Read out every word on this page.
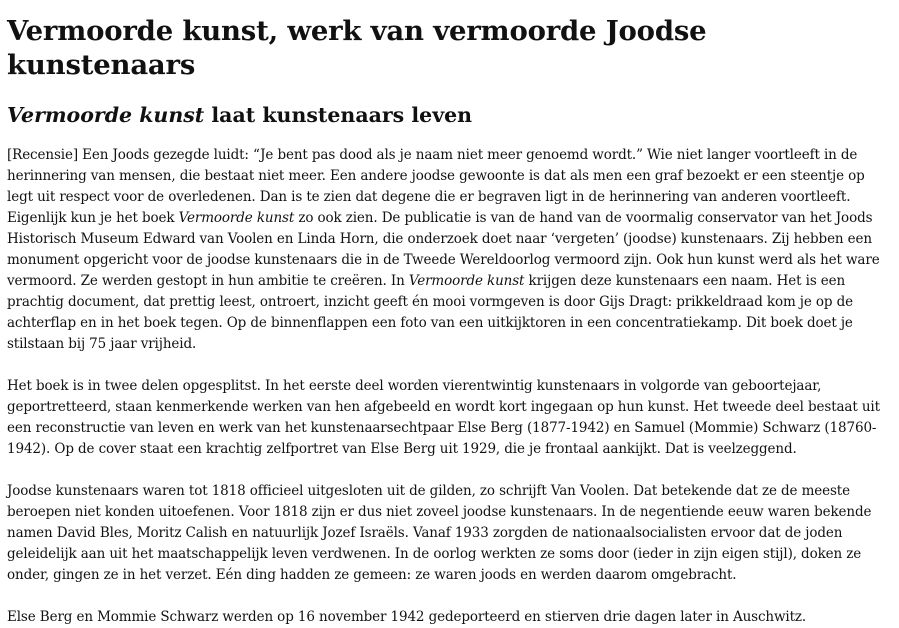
Vermoorde kunst, werk van vermoorde Joodse kunstenaars
Vermoorde kunst laat kunstenaars leven

[Recensie] Een Joods gezegde luidt: “Je bent pas dood als je naam niet meer genoemd wordt.” Wie niet langer voortleeft in de herinnering van mensen, die bestaat niet meer. Een andere joodse gewoonte is dat als men een graf bezoekt er een steentje op legt uit respect voor de overledenen. Dan is te zien dat degene die er begraven ligt in de herinnering van anderen voortleeft. Eigenlijk kun je het boek Vermoorde kunst zo ook zien. De publicatie is van de hand van de voormalig conservator van het Joods Historisch Museum Edward van Voolen en Linda Horn, die onderzoek doet naar ‘vergeten’ (joodse) kunstenaars. Zij hebben een monument opgericht voor de joodse kunstenaars die in de Tweede Wereldoorlog vermoord zijn. Ook hun kunst werd als het ware vermoord. Ze werden gestopt in hun ambitie te creëren. In Vermoorde kunst krijgen deze kunstenaars een naam. Het is een prachtig document, dat prettig leest, ontroert, inzicht geeft én mooi vormgeven is door Gijs Dragt: prikkeldraad kom je op de achterflap en in het boek tegen. Op de binnenflappen een foto van een uitkijktoren in een concentratiekamp. Dit boek doet je stilstaan bij 75 jaar vrijheid.

Het boek is in twee delen opgesplitst. In het eerste deel worden vierentwintig kunstenaars in volgorde van geboortejaar, geportretteerd, staan kenmerkende werken van hen afgebeeld en wordt kort ingegaan op hun kunst. Het tweede deel bestaat uit een reconstructie van leven en werk van het kunstenaarsechtpaar Else Berg (1877-1942) en Samuel (Mommie) Schwarz (18760-1942). Op de cover staat een krachtig zelfportret van Else Berg uit 1929, die je frontaal aankijkt. Dat is veelzeggend.

Joodse kunstenaars waren tot 1818 officieel uitgesloten uit de gilden, zo schrijft Van Voolen. Dat betekende dat ze de meeste beroepen niet konden uitoefenen. Voor 1818 zijn er dus niet zoveel joodse kunstenaars. In de negentiende eeuw waren bekende namen David Bles, Moritz Calish en natuurlijk Jozef Israëls. Vanaf 1933 zorgden de nationaalsocialisten ervoor dat de joden geleidelijk aan uit het maatschappelijk leven verdwenen. In de oorlog werkten ze soms door (ieder in zijn eigen stijl), doken ze onder, gingen ze in het verzet. Eén ding hadden ze gemeen: ze waren joods en werden daarom omgebracht.

Else Berg en Mommie Schwarz werden op 16 november 1942 gedeporteerd en stierven drie dagen later in Auschwitz.
